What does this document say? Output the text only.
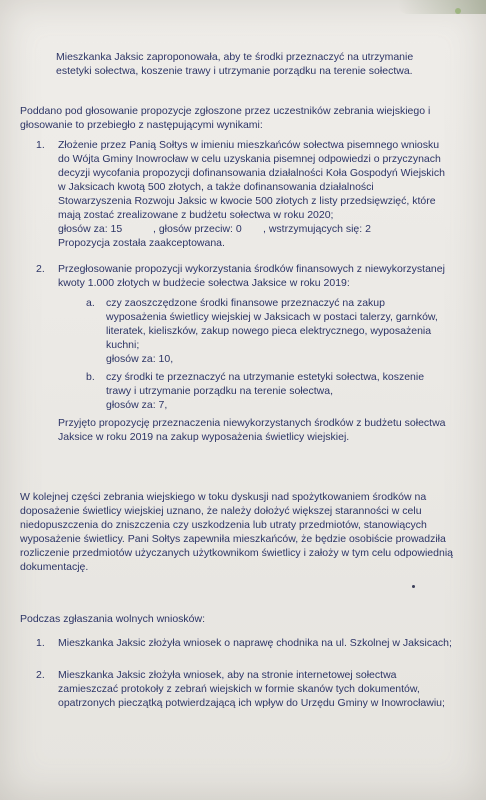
Mieszkanka Jaksic zaproponowała, aby te środki przeznaczyć na utrzymanie estetyki sołectwa, koszenie trawy i utrzymanie porządku na terenie sołectwa.
Poddano pod głosowanie propozycje zgłoszone przez uczestników zebrania wiejskiego i głosowanie to przebiegło z następującymi wynikami:
1.	Złożenie przez Panią Sołtys w imieniu mieszkańców sołectwa pisemnego wniosku do Wójta Gminy Inowrocław w celu uzyskania pisemnej odpowiedzi o przyczynach decyzji wycofania propozycji dofinansowania działalności Koła Gospodyń Wiejskich w Jaksicach kwotą 500 złotych, a także dofinansowania działalności Stowarzyszenia Rozwoju Jaksic w kwocie 500 złotych z listy przedsięwzięć, które mają zostać zrealizowane z budżetu sołectwa w roku 2020;
głosów za: 15	, głosów przeciw: 0	, wstrzymujących się: 2
Propozycja została zaakceptowana.
2.	Przegłosowanie propozycji wykorzystania środków finansowych z niewykorzystanej kwoty 1.000 złotych w budżecie sołectwa Jaksice w roku 2019:
a.	czy zaoszczędzone środki finansowe przeznaczyć na zakup wyposażenia świetlicy wiejskiej w Jaksicach w postaci talerzy, garnków, literatek, kieliszków, zakup nowego pieca elektrycznego, wyposażenia kuchni;
głosów za: 10,
b.	czy środki te przeznaczyć na utrzymanie estetyki sołectwa, koszenie trawy i utrzymanie porządku na terenie sołectwa,
głosów za: 7,
Przyjęto propozycję przeznaczenia niewykorzystanych środków z budżetu sołectwa Jaksice w roku 2019 na zakup wyposażenia świetlicy wiejskiej.
W kolejnej części zebrania wiejskiego w toku dyskusji nad spożytkowaniem środków na doposażenie świetlicy wiejskiej uznano, że należy dołożyć większej staranności w celu niedopuszczenia do zniszczenia czy uszkodzenia lub utraty przedmiotów, stanowiących wyposażenie świetlicy. Pani Sołtys zapewniła mieszkańców, że będzie osobiście prowadziła rozliczenie przedmiotów użyczanych użytkownikom świetlicy i założy w tym celu odpowiednią dokumentację.
Podczas zgłaszania wolnych wniosków:
1.	Mieszkanka Jaksic złożyła wniosek o naprawę chodnika na ul. Szkolnej w Jaksicach;
2.	Mieszkanka Jaksic złożyła wniosek, aby na stronie internetowej sołectwa zamieszczać protokoły z zebrań wiejskich w formie skanów tych dokumentów, opatrzonych pieczątką potwierdzającą ich wpływ do Urzędu Gminy w Inowrocławiu;
